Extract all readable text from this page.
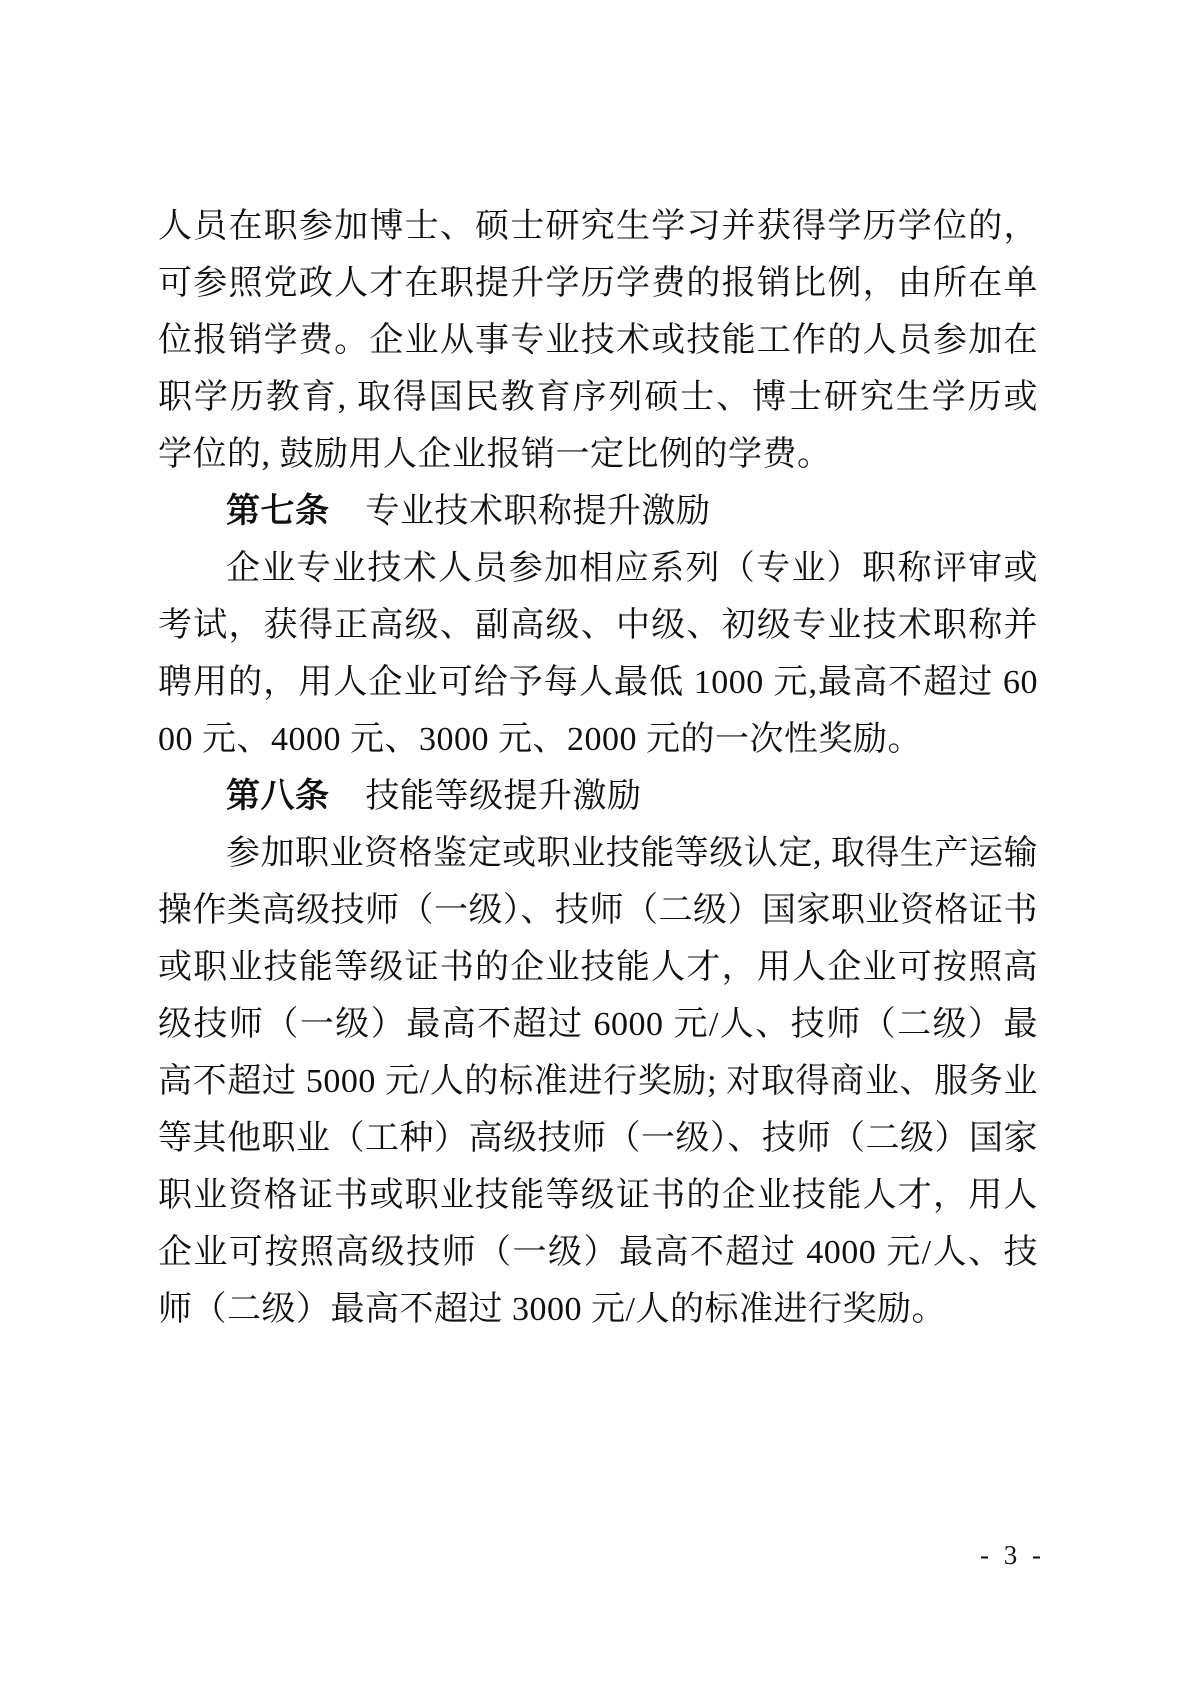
人员在职参加博士、硕士研究生学习并获得学历学位的，可参照党政人才在职提升学历学费的报销比例，由所在单位报销学费。企业从事专业技术或技能工作的人员参加在职学历教育, 取得国民教育序列硕士、博士研究生学历或学位的, 鼓励用人企业报销一定比例的学费。

第七条 专业技术职称提升激励

企业专业技术人员参加相应系列（专业）职称评审或考试，获得正高级、副高级、中级、初级专业技术职称并聘用的，用人企业可给予每人最低 1000 元,最高不超过 6000 元、4000 元、3000 元、2000 元的一次性奖励。

第八条 技能等级提升激励

参加职业资格鉴定或职业技能等级认定, 取得生产运输操作类高级技师（一级）、技师（二级）国家职业资格证书或职业技能等级证书的企业技能人才，用人企业可按照高级技师（一级）最高不超过 6000 元/人、技师（二级）最高不超过 5000 元/人的标准进行奖励; 对取得商业、服务业等其他职业（工种）高级技师（一级）、技师（二级）国家职业资格证书或职业技能等级证书的企业技能人才，用人企业可按照高级技师（一级）最高不超过 4000 元/人、技师（二级）最高不超过 3000 元/人的标准进行奖励。

- 3 -
